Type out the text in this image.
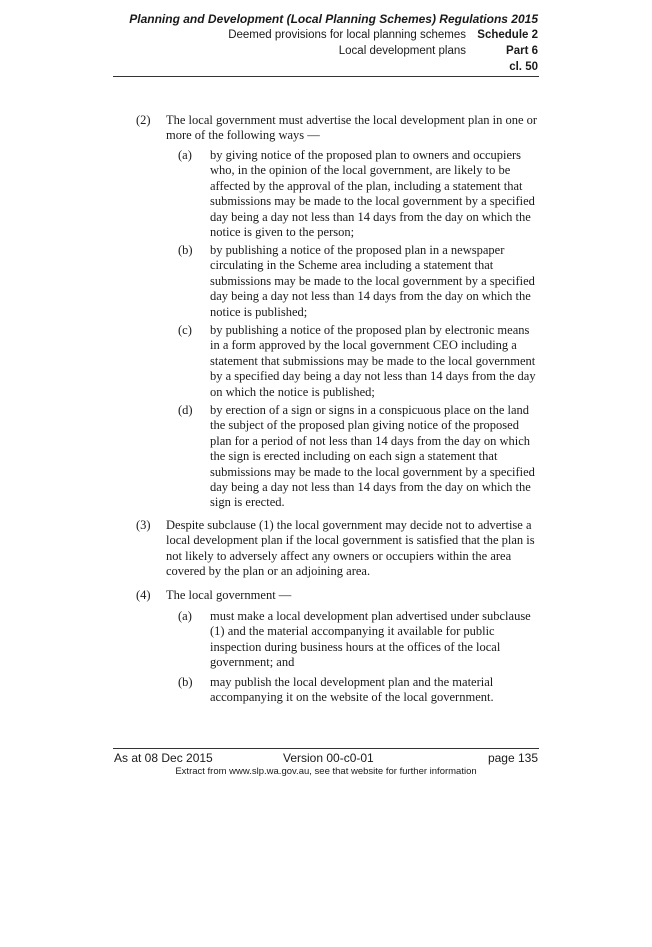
Planning and Development (Local Planning Schemes) Regulations 2015
Deemed provisions for local planning schemes Schedule 2
Local development plans	Part 6
cl. 50
(2) The local government must advertise the local development plan in one or more of the following ways —
(a) by giving notice of the proposed plan to owners and occupiers who, in the opinion of the local government, are likely to be affected by the approval of the plan, including a statement that submissions may be made to the local government by a specified day being a day not less than 14 days from the day on which the notice is given to the person;
(b) by publishing a notice of the proposed plan in a newspaper circulating in the Scheme area including a statement that submissions may be made to the local government by a specified day being a day not less than 14 days from the day on which the notice is published;
(c) by publishing a notice of the proposed plan by electronic means in a form approved by the local government CEO including a statement that submissions may be made to the local government by a specified day being a day not less than 14 days from the day on which the notice is published;
(d) by erection of a sign or signs in a conspicuous place on the land the subject of the proposed plan giving notice of the proposed plan for a period of not less than 14 days from the day on which the sign is erected including on each sign a statement that submissions may be made to the local government by a specified day being a day not less than 14 days from the day on which the sign is erected.
(3) Despite subclause (1) the local government may decide not to advertise a local development plan if the local government is satisfied that the plan is not likely to adversely affect any owners or occupiers within the area covered by the plan or an adjoining area.
(4) The local government —
(a) must make a local development plan advertised under subclause (1) and the material accompanying it available for public inspection during business hours at the offices of the local government; and
(b) may publish the local development plan and the material accompanying it on the website of the local government.
As at 08 Dec 2015	Version 00-c0-01	page 135
Extract from www.slp.wa.gov.au, see that website for further information
